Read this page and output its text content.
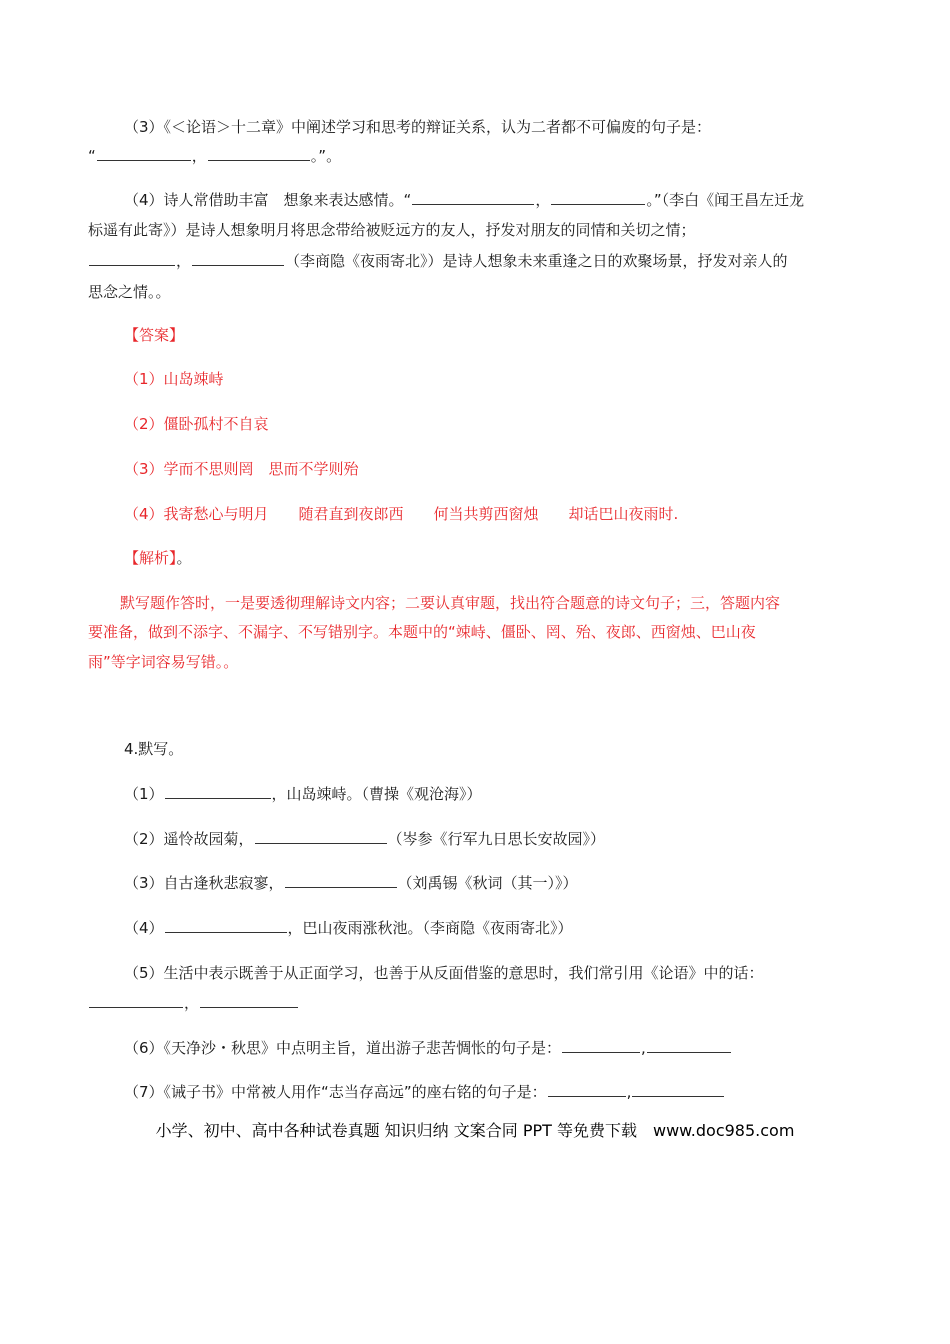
（3）《＜论语＞十二章》中阐述学习和思考的辩证关系，认为二者都不可偏废的句子是：
“	，	。”。
（4）诗人常借助丰富　想象来表达感情。“	，	。”（李白《闻王昌左迁龙
标遥有此寄》）是诗人想象明月将思念带给被贬远方的友人，抒发对朋友的同情和关切之情；
，	（李商隐《夜雨寄北》）是诗人想象未来重逢之日的欢聚场景，抒发对亲人的
思念之情。。
【答案】
（1）山岛竦峙
（2）僵卧孤村不自哀
（3）学而不思则罔　思而不学则殆
（4）我寄愁心与明月　　随君直到夜郎西　　何当共剪西窗烛　　却话巴山夜雨时.
【解析】。
默写题作答时，一是要透彻理解诗文内容；二要认真审题，找出符合题意的诗文句子；三，答题内容
要准备，做到不添字、不漏字、不写错别字。本题中的“竦峙、僵卧、罔、殆、夜郎、西窗烛、巴山夜
雨”等字词容易写错。。
4.默写。
（1）	，山岛竦峙。（曹操《观沧海》）
（2）遥怜故园菊，	（岑参《行军九日思长安故园》）
（3）自古逢秋悲寂寥，	（刘禹锡《秋词（其一）》）
（4）	，巴山夜雨涨秋池。（李商隐《夜雨寄北》）
（5）生活中表示既善于从正面学习，也善于从反面借鉴的意思时，我们常引用《论语》中的话：
，
（6）《天净沙・秋思》中点明主旨，道出游子悲苦惆怅的句子是：	,
（7）《诫子书》中常被人用作“志当存高远”的座右铭的句子是：	,
小学、初中、高中各种试卷真题 知识归纳 文案合同 PPT 等免费下载　www.doc985.com
